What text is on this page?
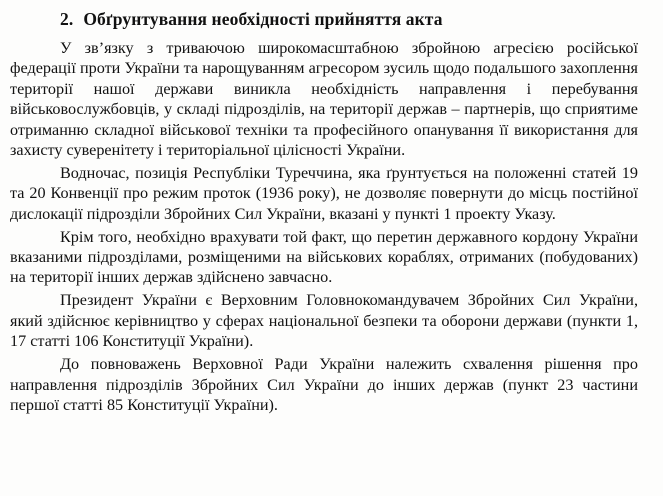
2. Обґрунтування необхідності прийняття акта

У зв’язку з триваючою широкомасштабною збройною агресією російської федерації проти України та нарощуванням агресором зусиль щодо подальшого захоплення території нашої держави виникла необхідність направлення і перебування військовослужбовців, у складі підрозділів, на території держав – партнерів, що сприятиме отриманню складної військової техніки та професійного опанування її використання для захисту суверенітету і територіальної цілісності України.

Водночас, позиція Республіки Туреччина, яка ґрунтується на положенні статей 19 та 20 Конвенції про режим проток (1936 року), не дозволяє повернути до місць постійної дислокації підрозділи Збройних Сил України, вказані у пункті 1 проекту Указу.

Крім того, необхідно врахувати той факт, що перетин державного кордону України вказаними підрозділами, розміщеними на військових кораблях, отриманих (побудованих) на території інших держав здійснено завчасно.

Президент України є Верховним Головнокомандувачем Збройних Сил України, який здійснює керівництво у сферах національної безпеки та оборони держави (пункти 1, 17 статті 106 Конституції України).

До повноважень Верховної Ради України належить схвалення рішення про направлення підрозділів Збройних Сил України до інших держав (пункт 23 частини першої статті 85 Конституції України).
